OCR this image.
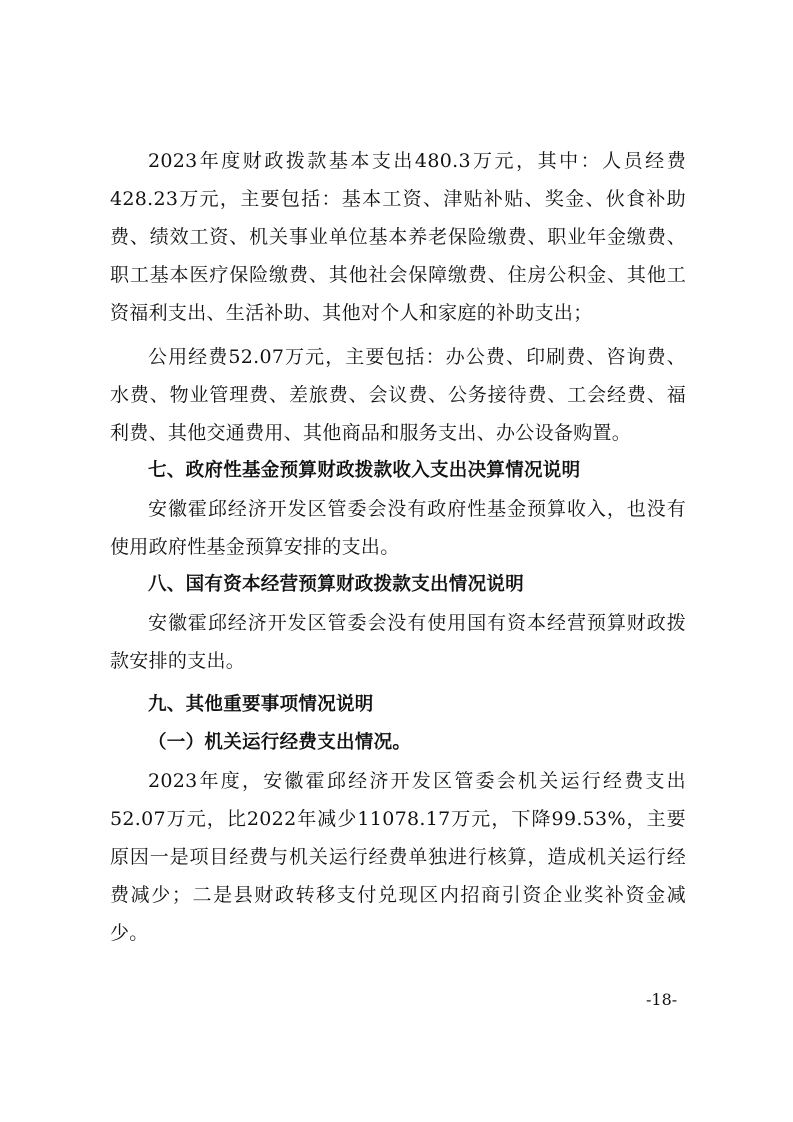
2023年度财政拨款基本支出480.3万元，其中：人员经费428.23万元，主要包括：基本工资、津贴补贴、奖金、伙食补助费、绩效工资、机关事业单位基本养老保险缴费、职业年金缴费、职工基本医疗保险缴费、其他社会保障缴费、住房公积金、其他工资福利支出、生活补助、其他对个人和家庭的补助支出；

公用经费52.07万元，主要包括：办公费、印刷费、咨询费、水费、物业管理费、差旅费、会议费、公务接待费、工会经费、福利费、其他交通费用、其他商品和服务支出、办公设备购置。

七、政府性基金预算财政拨款收入支出决算情况说明

安徽霍邱经济开发区管委会没有政府性基金预算收入，也没有使用政府性基金预算安排的支出。

八、国有资本经营预算财政拨款支出情况说明

安徽霍邱经济开发区管委会没有使用国有资本经营预算财政拨款安排的支出。

九、其他重要事项情况说明

（一）机关运行经费支出情况。

2023年度，安徽霍邱经济开发区管委会机关运行经费支出52.07万元，比2022年减少11078.17万元，下降99.53%，主要原因一是项目经费与机关运行经费单独进行核算，造成机关运行经费减少；二是县财政转移支付兑现区内招商引资企业奖补资金减少。

-18-
